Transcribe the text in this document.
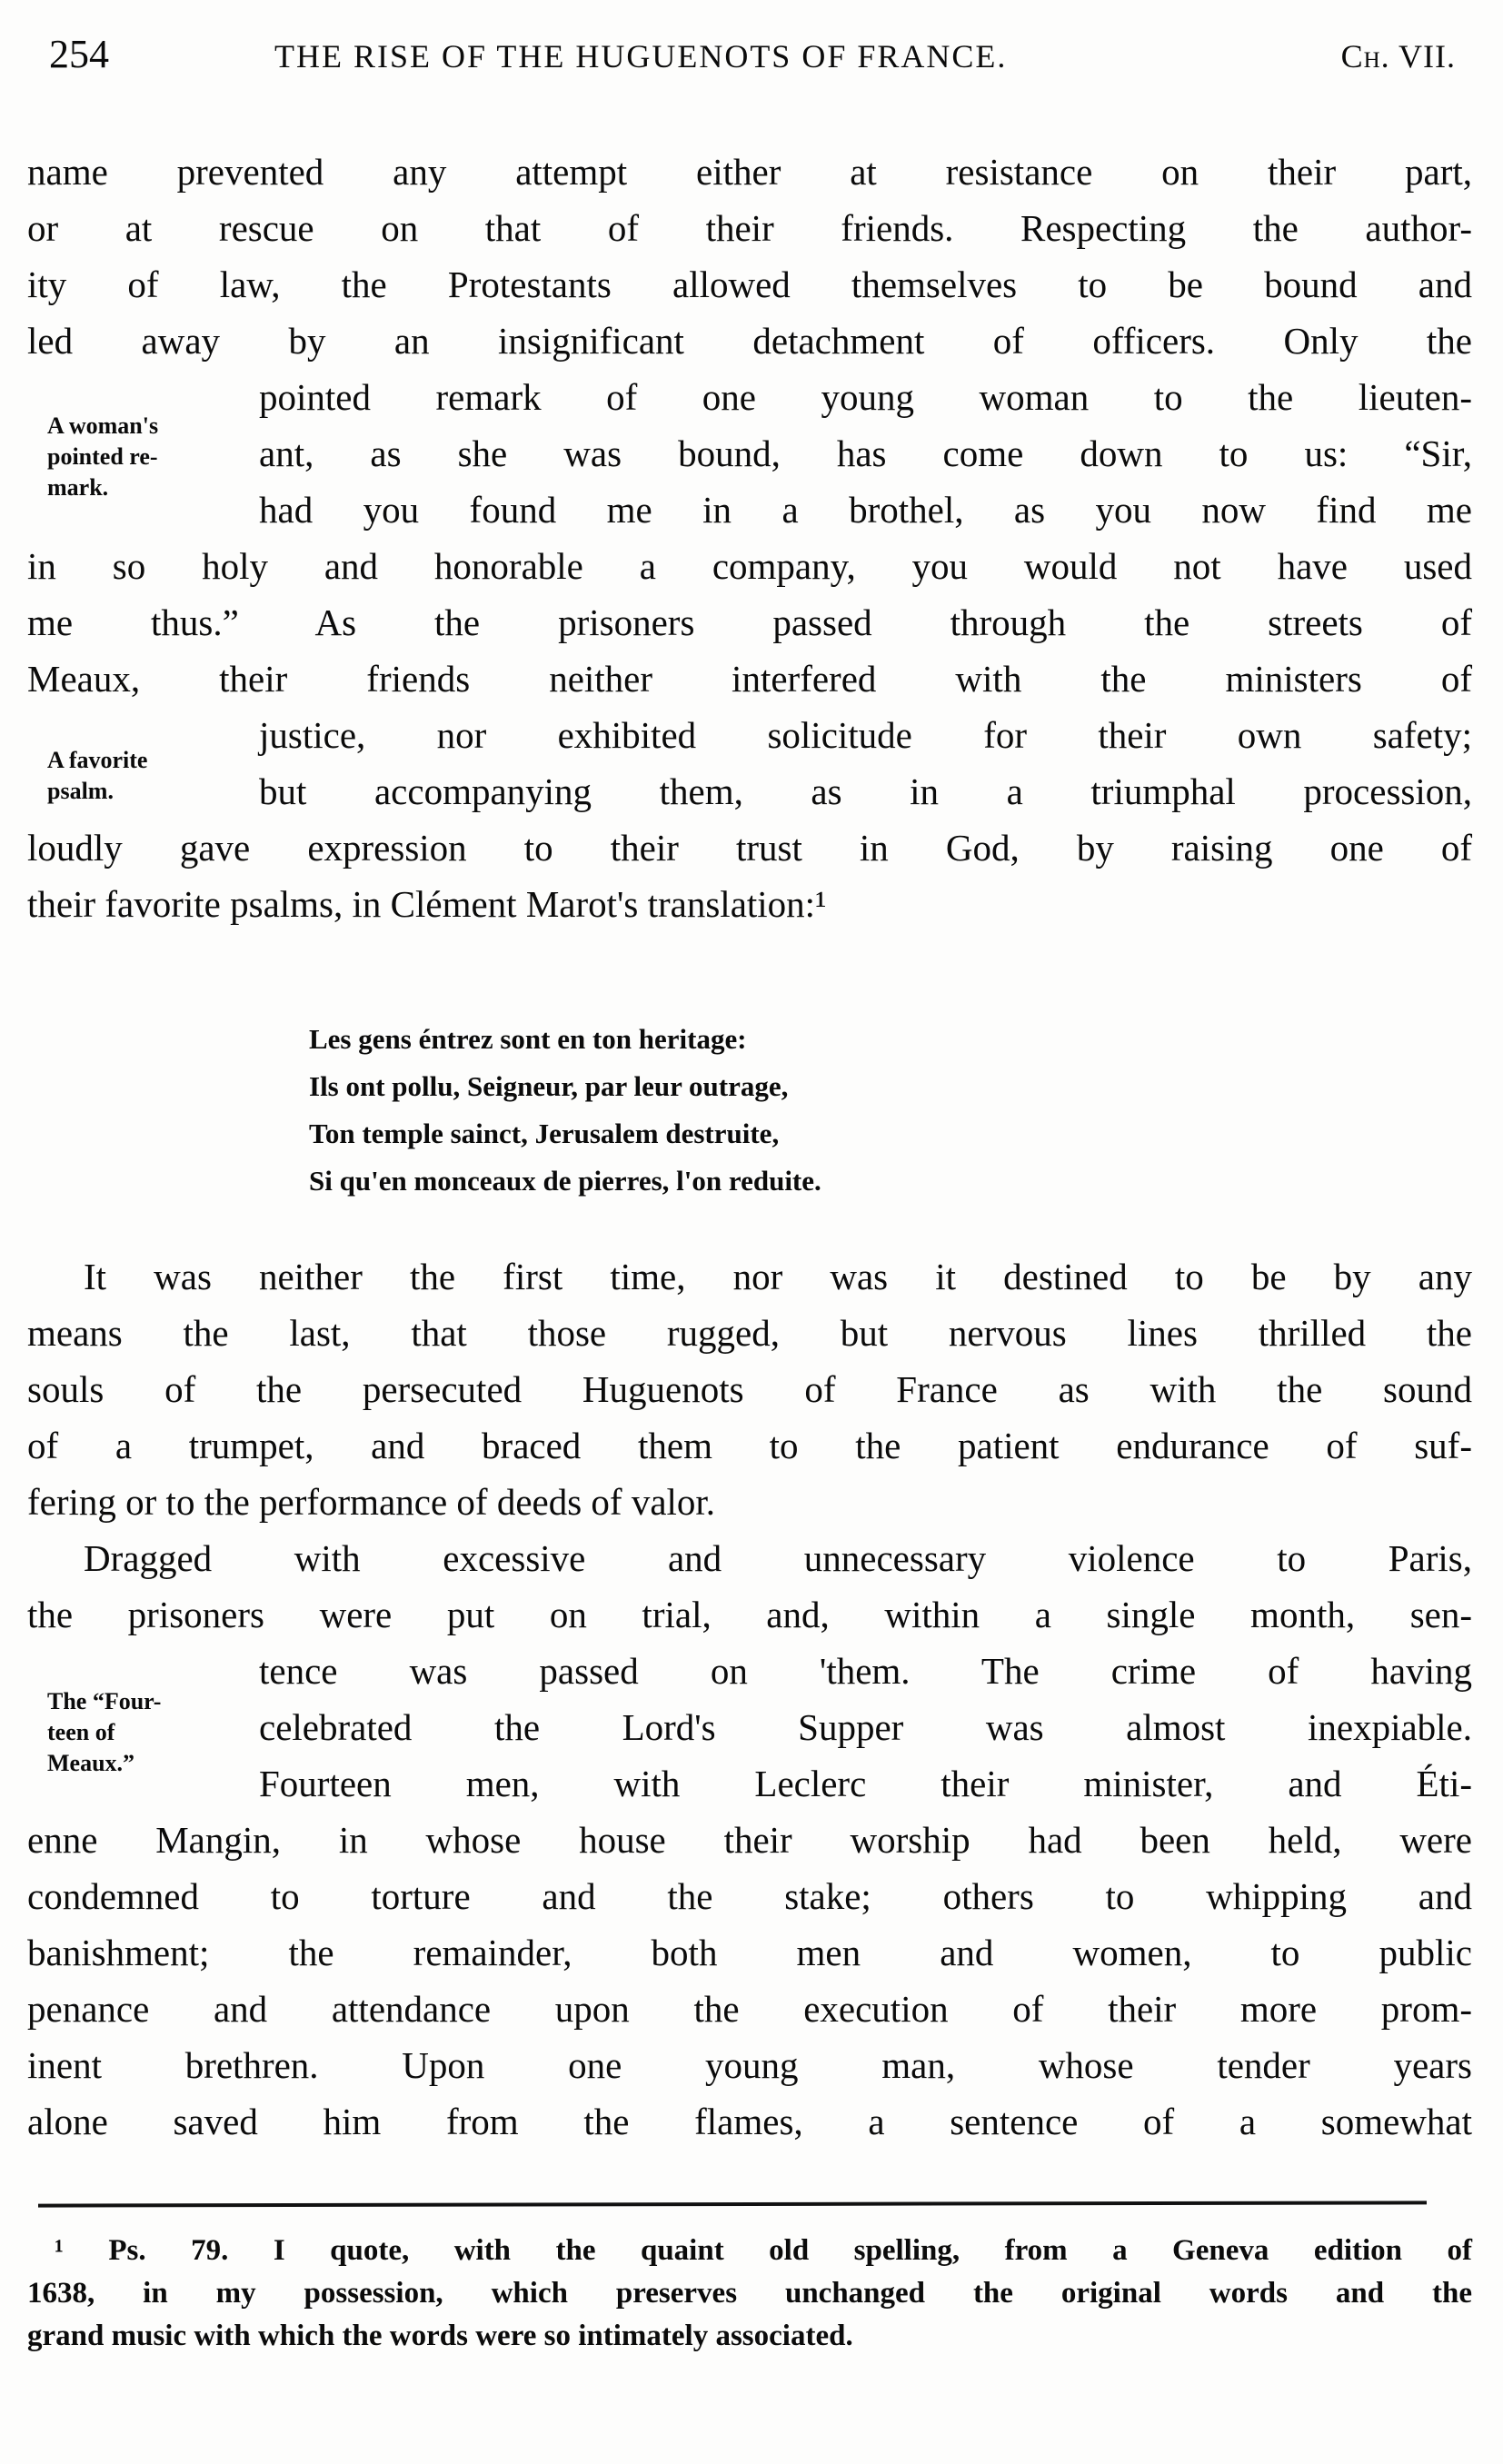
254	THE RISE OF THE HUGUENOTS OF FRANCE.	Ch. VII.
A woman's
pointed re-
mark.
A favorite
psalm.
The “Four-
teen of
Meaux.”
name prevented any attempt either at resistance on their part,
or at rescue on that of their friends. Respecting the author-
ity of law, the Protestants allowed themselves to be bound and
led away by an insignificant detachment of officers. Only the
pointed remark of one young woman to the lieuten-
ant, as she was bound, has come down to us: “Sir,
had you found me in a brothel, as you now find me
in so holy and honorable a company, you would not have used
me thus.” As the prisoners passed through the streets of
Meaux, their friends neither interfered with the ministers of
justice, nor exhibited solicitude for their own safety;
but accompanying them, as in a triumphal procession,
loudly gave expression to their trust in God, by raising one of
their favorite psalms, in Clément Marot's translation:¹
Les gens éntrez sont en ton heritage:
Ils ont pollu, Seigneur, par leur outrage,
Ton temple sainct, Jerusalem destruite,
Si qu'en monceaux de pierres, l'on reduite.
It was neither the first time, nor was it destined to be by any
means the last, that those rugged, but nervous lines thrilled the
souls of the persecuted Huguenots of France as with the sound
of a trumpet, and braced them to the patient endurance of suf-
fering or to the performance of deeds of valor.
Dragged with excessive and unnecessary violence to Paris,
the prisoners were put on trial, and, within a single month, sen-
tence was passed on 'them. The crime of having
celebrated the Lord's Supper was almost inexpiable.
Fourteen men, with Leclerc their minister, and Éti-
enne Mangin, in whose house their worship had been held, were
condemned to torture and the stake; others to whipping and
banishment; the remainder, both men and women, to public
penance and attendance upon the execution of their more prom-
inent brethren. Upon one young man, whose tender years
alone saved him from the flames, a sentence of a somewhat
¹ Ps. 79. I quote, with the quaint old spelling, from a Geneva edition of
1638, in my possession, which preserves unchanged the original words and the
grand music with which the words were so intimately associated.
